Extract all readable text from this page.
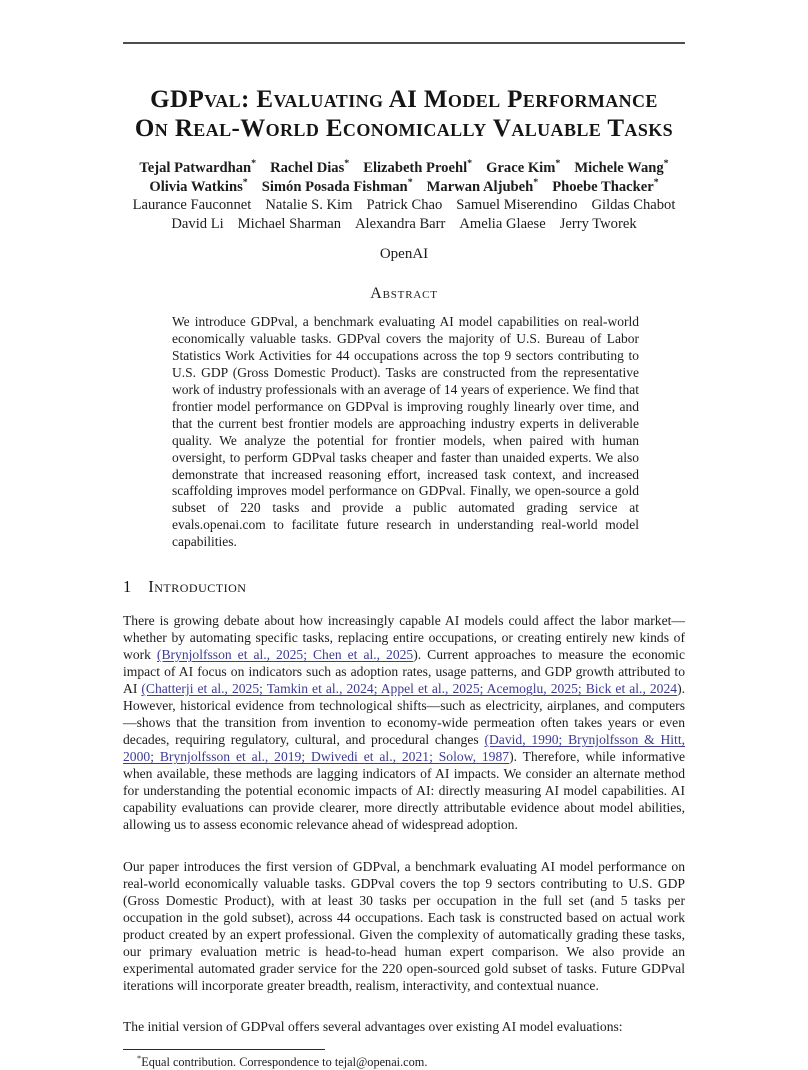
GDPval: Evaluating AI Model Performance
On Real-World Economically Valuable Tasks
Tejal Patwardhan* Rachel Dias* Elizabeth Proehl* Grace Kim* Michele Wang*
Olivia Watkins* Simón Posada Fishman* Marwan Aljubeh* Phoebe Thacker*
Laurance Fauconnet Natalie S. Kim Patrick Chao Samuel Miserendino Gildas Chabot
David Li Michael Sharman Alexandra Barr Amelia Glaese Jerry Tworek
OpenAI
Abstract
We introduce GDPval, a benchmark evaluating AI model capabilities on real-world economically valuable tasks. GDPval covers the majority of U.S. Bureau of Labor Statistics Work Activities for 44 occupations across the top 9 sectors contributing to U.S. GDP (Gross Domestic Product). Tasks are constructed from the representative work of industry professionals with an average of 14 years of experience. We find that frontier model performance on GDPval is improving roughly linearly over time, and that the current best frontier models are approaching industry experts in deliverable quality. We analyze the potential for frontier models, when paired with human oversight, to perform GDPval tasks cheaper and faster than unaided experts. We also demonstrate that increased reasoning effort, increased task context, and increased scaffolding improves model performance on GDPval. Finally, we open-source a gold subset of 220 tasks and provide a public automated grading service at evals.openai.com to facilitate future research in understanding real-world model capabilities.
1 Introduction

There is growing debate about how increasingly capable AI models could affect the labor market—whether by automating specific tasks, replacing entire occupations, or creating entirely new kinds of work (Brynjolfsson et al., 2025; Chen et al., 2025). Current approaches to measure the economic impact of AI focus on indicators such as adoption rates, usage patterns, and GDP growth attributed to AI (Chatterji et al., 2025; Tamkin et al., 2024; Appel et al., 2025; Acemoglu, 2025; Bick et al., 2024). However, historical evidence from technological shifts—such as electricity, airplanes, and computers—shows that the transition from invention to economy-wide permeation often takes years or even decades, requiring regulatory, cultural, and procedural changes (David, 1990; Brynjolfsson & Hitt, 2000; Brynjolfsson et al., 2019; Dwivedi et al., 2021; Solow, 1987). Therefore, while informative when available, these methods are lagging indicators of AI impacts. We consider an alternate method for understanding the potential economic impacts of AI: directly measuring AI model capabilities. AI capability evaluations can provide clearer, more directly attributable evidence about model abilities, allowing us to assess economic relevance ahead of widespread adoption.

Our paper introduces the first version of GDPval, a benchmark evaluating AI model performance on real-world economically valuable tasks. GDPval covers the top 9 sectors contributing to U.S. GDP (Gross Domestic Product), with at least 30 tasks per occupation in the full set (and 5 tasks per occupation in the gold subset), across 44 occupations. Each task is constructed based on actual work product created by an expert professional. Given the complexity of automatically grading these tasks, our primary evaluation metric is head-to-head human expert comparison. We also provide an experimental automated grader service for the 220 open-sourced gold subset of tasks. Future GDPval iterations will incorporate greater breadth, realism, interactivity, and contextual nuance.

The initial version of GDPval offers several advantages over existing AI model evaluations:

*Equal contribution. Correspondence to tejal@openai.com.
